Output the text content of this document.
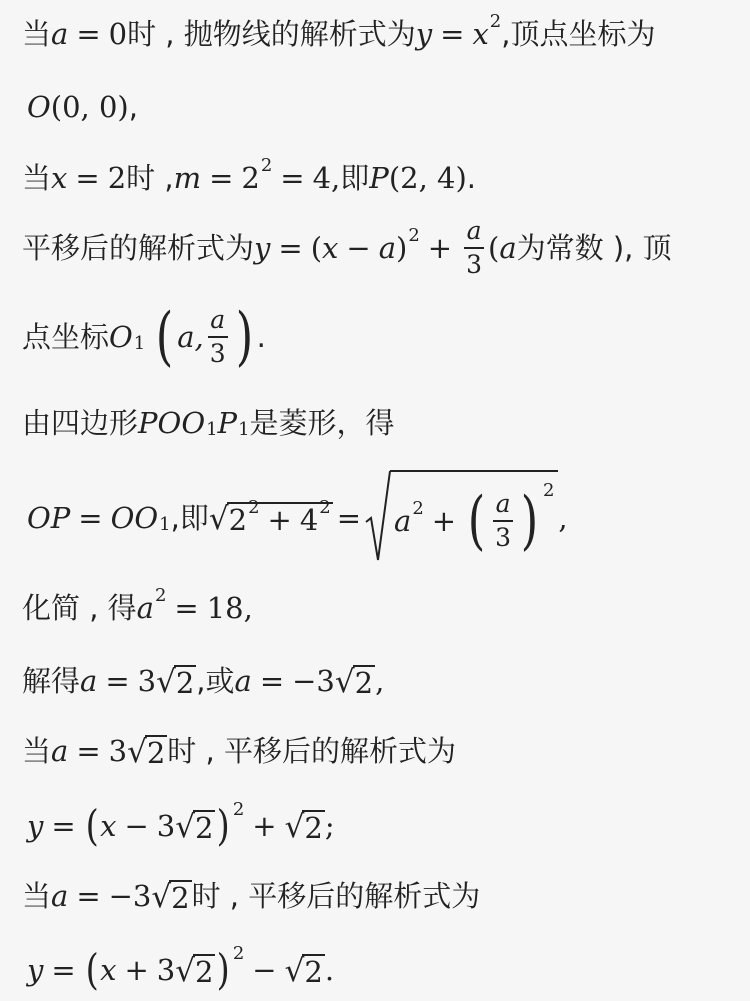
当 a = 0 时 , 抛物线的解析式为 y = x 2 ,顶点坐标为
O (0, 0) ,
当 x = 2 时 , m = 2 2 = 4, 即 P (2, 4) .
平移后的解析式为 y = ( x − a ) $2 + \frac{a}{3}$ ( a 为常数 ), 顶
点坐标 O 1 ( a, $\frac{a}{3}$ ) .
由四边形 P O O 1 P 1 是菱形，得
OP = OO 1 ,即 √ 2 2 + 4 2 = a 2 + ( $\frac{a}{3}$ ) 2
,
化简 , 得 a 2 = 18,
解得 a = 3 √ 2 ,或 a = −3 √ 2 ,
当 a = 3 √ 2 时 , 平移后的解析式为
y = ( x − 3 √ 2 ) 2 + √ 2 ;
当 a = −3 √ 2 时 , 平移后的解析式为
y = ( x + 3 √ 2 ) 2 − √ 2 .
